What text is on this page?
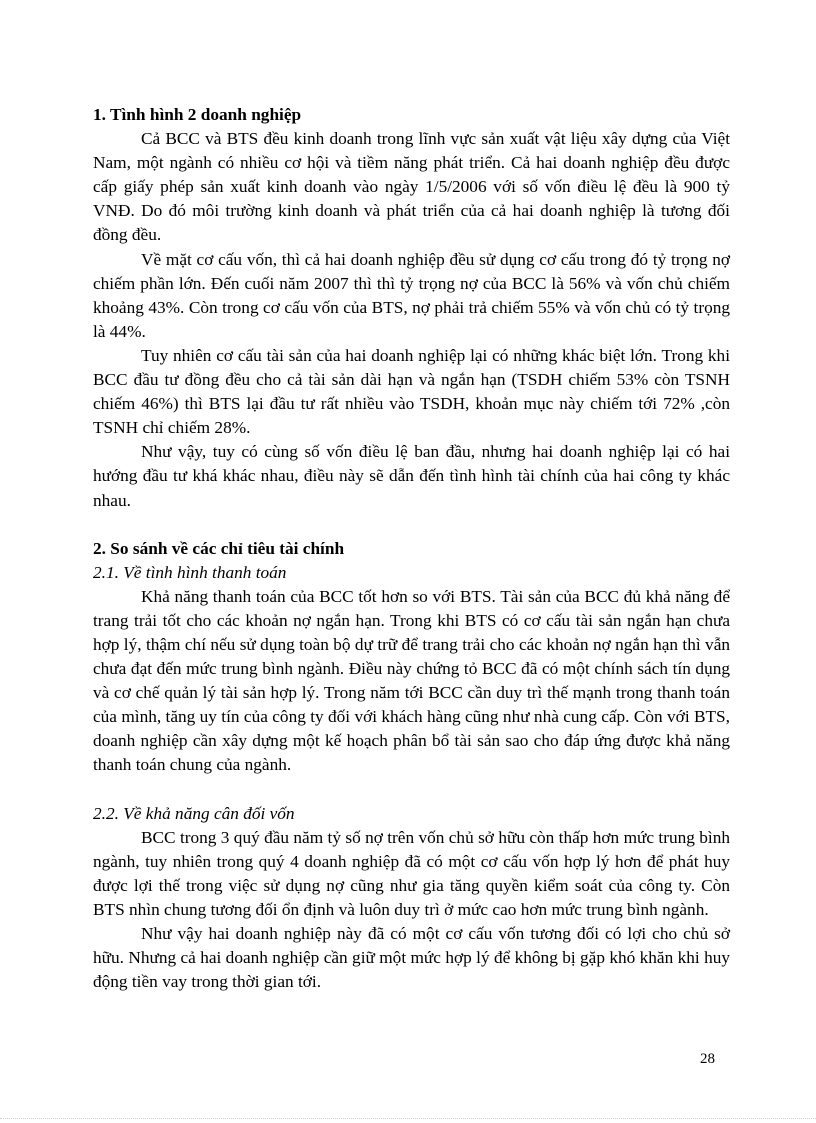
1. Tình hình 2 doanh nghiệp

Cả BCC và BTS đều kinh doanh trong lĩnh vực sản xuất vật liệu xây dựng của Việt Nam, một ngành có nhiều cơ hội và tiềm năng phát triển. Cả hai doanh nghiệp đều được cấp giấy phép sản xuất kinh doanh vào ngày 1/5/2006 với số vốn điều lệ đều là 900 tỷ VNĐ. Do đó môi trường kinh doanh và phát triển của cả hai doanh nghiệp là tương đối đồng đều.

Về mặt cơ cấu vốn, thì cả hai doanh nghiệp đều sử dụng cơ cấu trong đó tỷ trọng nợ chiếm phần lớn. Đến cuối năm 2007 thì thì tỷ trọng nợ của BCC là 56% và vốn chủ chiếm khoảng 43%. Còn trong cơ cấu vốn của BTS, nợ phải trả chiếm 55% và vốn chủ có tỷ trọng là 44%.

Tuy nhiên cơ cấu tài sản của hai doanh nghiệp lại có những khác biệt lớn. Trong khi BCC đầu tư đồng đều cho cả tài sản dài hạn và ngắn hạn (TSDH chiếm 53% còn TSNH chiếm 46%) thì BTS lại đầu tư rất nhiều vào TSDH, khoản mục này chiếm tới 72% ,còn TSNH chỉ chiếm 28%.

Như vậy, tuy có cùng số vốn điều lệ ban đầu, nhưng hai doanh nghiệp lại có hai hướng đầu tư khá khác nhau, điều này sẽ dẫn đến tình hình tài chính của hai công ty khác nhau.

2. So sánh về các chỉ tiêu tài chính

2.1. Về tình hình thanh toán

Khả năng thanh toán của BCC tốt hơn so với BTS. Tài sản của BCC đủ khả năng để trang trải tốt cho các khoản nợ ngắn hạn. Trong khi BTS có cơ cấu tài sản ngắn hạn chưa hợp lý, thậm chí nếu sử dụng toàn bộ dự trữ để trang trải cho các khoản nợ ngắn hạn thì vẫn chưa đạt đến mức trung bình ngành. Điều này chứng tỏ BCC đã có một chính sách tín dụng và cơ chế quản lý tài sản hợp lý. Trong năm tới BCC cần duy trì thế mạnh trong thanh toán của mình, tăng uy tín của công ty đối với khách hàng cũng như nhà cung cấp. Còn với BTS, doanh nghiệp cần xây dựng một kế hoạch phân bổ tài sản sao cho đáp ứng được khả năng thanh toán chung của ngành.

2.2. Về khả năng cân đối vốn

BCC trong 3 quý đầu năm tỷ số nợ trên vốn chủ sở hữu còn thấp hơn mức trung bình ngành, tuy nhiên trong quý 4 doanh nghiệp đã có một cơ cấu vốn hợp lý hơn để phát huy được lợi thế trong việc sử dụng nợ cũng như gia tăng quyền kiểm soát của công ty. Còn BTS nhìn chung tương đối ổn định và luôn duy trì ở mức cao hơn mức trung bình ngành.

Như vậy hai doanh nghiệp này đã có một cơ cấu vốn tương đối có lợi cho chủ sở hữu. Nhưng cả hai doanh nghiệp cần giữ một mức hợp lý để không bị gặp khó khăn khi huy động tiền vay trong thời gian tới.

28
